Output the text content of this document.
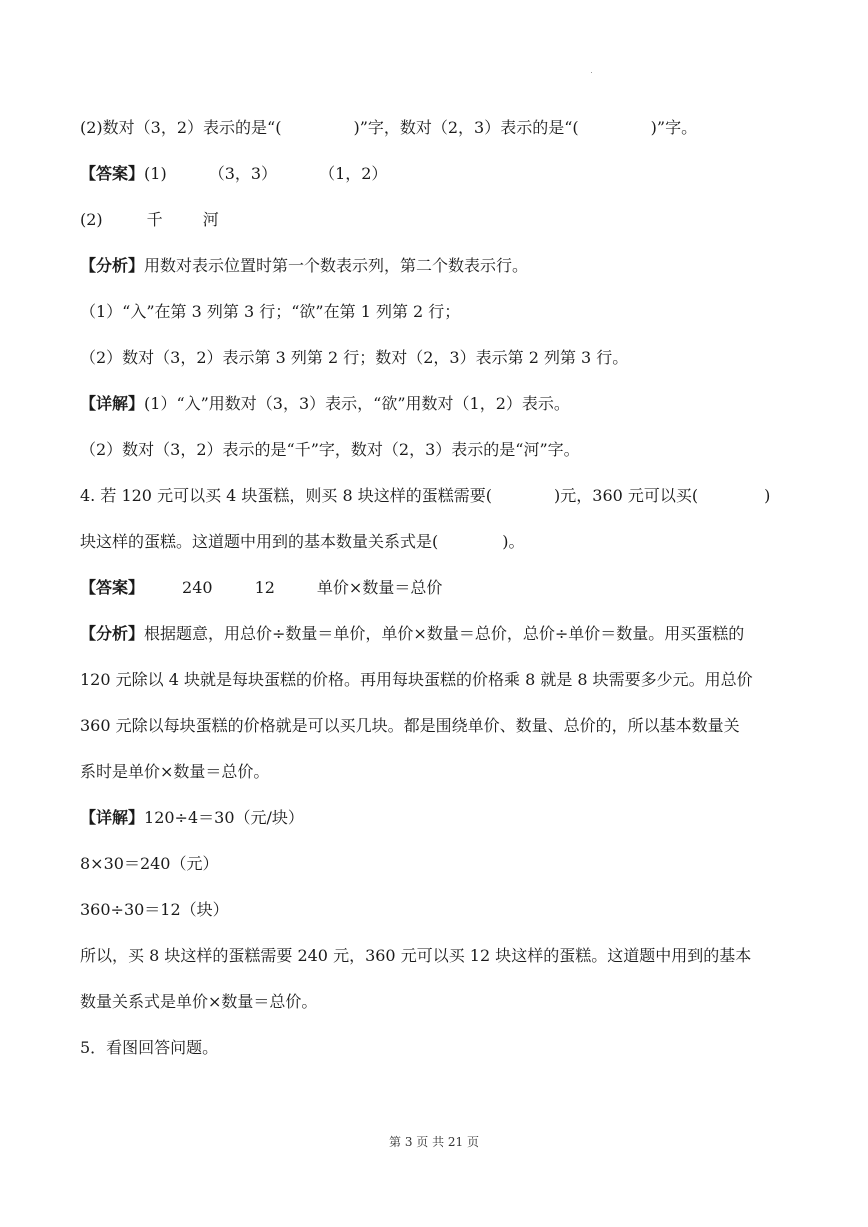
(2)数对（3，2）表示的是“(	)”字，数对（2，3）表示的是“(	)”字。
【答案】(1)	（3，3）	（1，2）
(2)	千	河
【分析】用数对表示位置时第一个数表示列，第二个数表示行。
（1）“入”在第 3 列第 3 行；“欲”在第 1 列第 2 行；
（2）数对（3，2）表示第 3 列第 2 行；数对（2，3）表示第 2 列第 3 行。
【详解】(1）“入”用数对（3，3）表示，“欲”用数对（1，2）表示。
（2）数对（3，2）表示的是“千”字，数对（2，3）表示的是“河”字。
4. 若 120 元可以买 4 块蛋糕，则买 8 块这样的蛋糕需要(	)元，360 元可以买(	)
块这样的蛋糕。这道题中用到的基本数量关系式是(	)。
【答案】 240	12	单价×数量＝总价
【分析】根据题意，用总价÷数量＝单价，单价×数量＝总价，总价÷单价＝数量。用买蛋糕的
120 元除以 4 块就是每块蛋糕的价格。再用每块蛋糕的价格乘 8 就是 8 块需要多少元。用总价
360 元除以每块蛋糕的价格就是可以买几块。都是围绕单价、数量、总价的，所以基本数量关
系时是单价×数量＝总价。
【详解】120÷4＝30（元/块）
8×30＝240（元）
360÷30＝12（块）
所以，买 8 块这样的蛋糕需要 240 元，360 元可以买 12 块这样的蛋糕。这道题中用到的基本
数量关系式是单价×数量＝总价。
5．看图回答问题。
第 3 页 共 21 页
